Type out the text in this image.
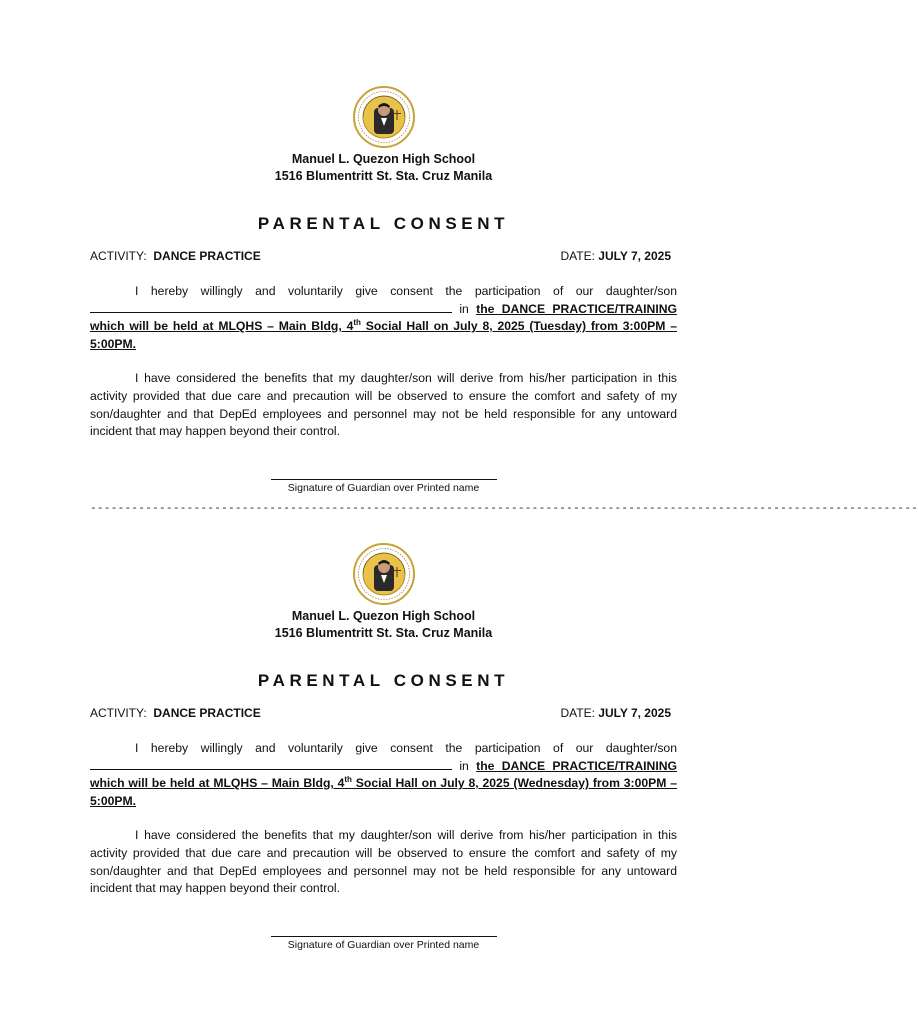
Manuel L. Quezon High School
1516 Blumentritt St. Sta. Cruz Manila
PARENTAL CONSENT
ACTIVITY: DANCE PRACTICE	DATE: JULY 7, 2025

I hereby willingly and voluntarily give consent the participation of our daughter/son  in the DANCE PRACTICE/TRAINING which will be held at MLQHS – Main Bldg, 4th Social Hall on July 8, 2025 (Tuesday) from 3:00PM – 5:00PM.

I have considered the benefits that my daughter/son will derive from his/her participation in this activity provided that due care and precaution will be observed to ensure the comfort and safety of my son/daughter and that DepEd employees and personnel may not be held responsible for any untoward incident that may happen beyond their control.

Signature of Guardian over Printed name
------------------------------------------------------------------------------------------------------------------------
Manuel L. Quezon High School
1516 Blumentritt St. Sta. Cruz Manila
PARENTAL CONSENT
ACTIVITY: DANCE PRACTICE	DATE: JULY 7, 2025

I hereby willingly and voluntarily give consent the participation of our daughter/son  in the DANCE PRACTICE/TRAINING which will be held at MLQHS – Main Bldg, 4th Social Hall on July 8, 2025 (Wednesday) from 3:00PM – 5:00PM.

I have considered the benefits that my daughter/son will derive from his/her participation in this activity provided that due care and precaution will be observed to ensure the comfort and safety of my son/daughter and that DepEd employees and personnel may not be held responsible for any untoward incident that may happen beyond their control.

Signature of Guardian over Printed name
